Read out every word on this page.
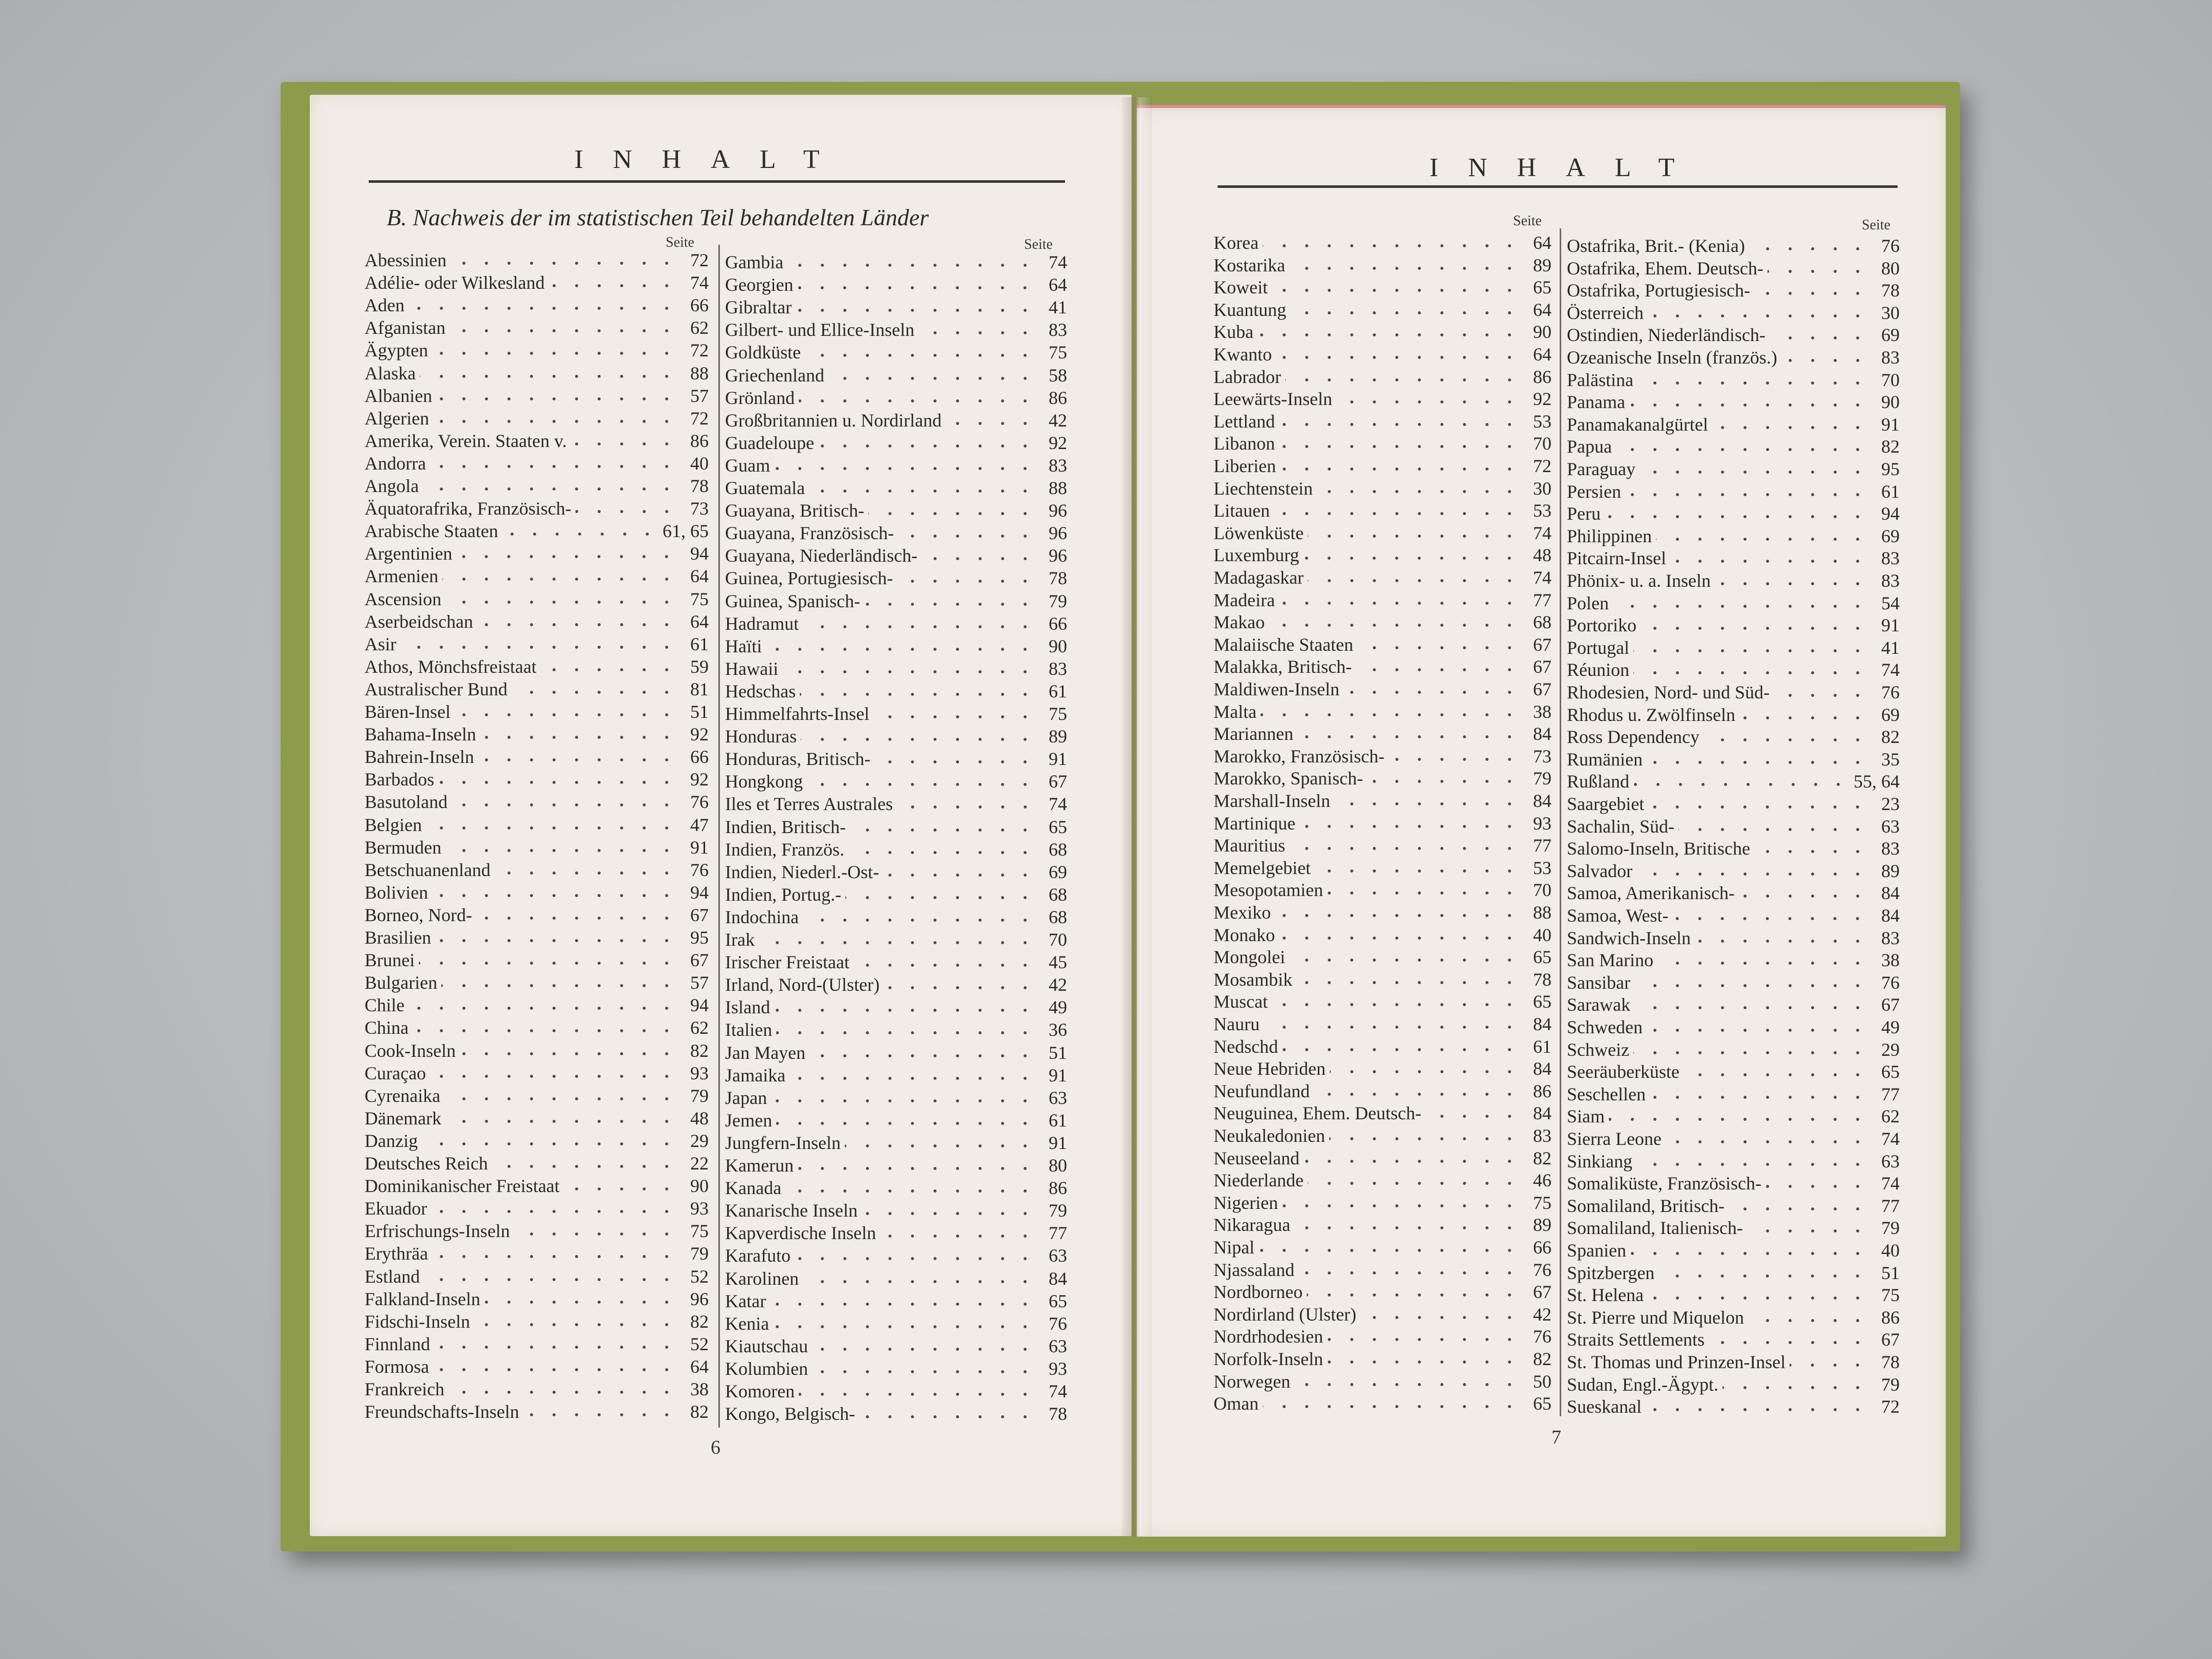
INHALT
B. Nachweis der im statistischen Teil behandelten Länder
Seite	Seite
Abessinien	72
Adélie- oder Wilkesland	74
Aden	66
Afganistan	62
Ägypten	72
Alaska	88
Albanien	57
Algerien	72
Amerika, Verein. Staaten v.	86
Andorra	40
Angola	78
Äquatorafrika, Französisch-	73
Arabische Staaten	61, 65
Argentinien	94
Armenien	64
Ascension	75
Aserbeidschan	64
Asir	61
Athos, Mönchsfreistaat	59
Australischer Bund	81
Bären-Insel	51
Bahama-Inseln	92
Bahrein-Inseln	66
Barbados	92
Basutoland	76
Belgien	47
Bermuden	91
Betschuanenland	76
Bolivien	94
Borneo, Nord-	67
Brasilien	95
Brunei	67
Bulgarien	57
Chile	94
China	62
Cook-Inseln	82
Curaçao	93
Cyrenaika	79
Dänemark	48
Danzig	29
Deutsches Reich	22
Dominikanischer Freistaat	90
Ekuador	93
Erfrischungs-Inseln	75
Erythräa	79
Estland	52
Falkland-Inseln	96
Fidschi-Inseln	82
Finnland	52
Formosa	64
Frankreich	38
Freundschafts-Inseln	82
Gambia	74
Georgien	64
Gibraltar	41
Gilbert- und Ellice-Inseln	83
Goldküste	75
Griechenland	58
Grönland	86
Großbritannien u. Nordirland	42
Guadeloupe	92
Guam	83
Guatemala	88
Guayana, Britisch-	96
Guayana, Französisch-	96
Guayana, Niederländisch-	96
Guinea, Portugiesisch-	78
Guinea, Spanisch-	79
Hadramut	66
Haïti	90
Hawaii	83
Hedschas	61
Himmelfahrts-Insel	75
Honduras	89
Honduras, Britisch-	91
Hongkong	67
Iles et Terres Australes	74
Indien, Britisch-	65
Indien, Französ.	68
Indien, Niederl.-Ost-	69
Indien, Portug.-	68
Indochina	68
Irak	70
Irischer Freistaat	45
Irland, Nord-(Ulster)	42
Island	49
Italien	36
Jan Mayen	51
Jamaika	91
Japan	63
Jemen	61
Jungfern-Inseln	91
Kamerun	80
Kanada	86
Kanarische Inseln	79
Kapverdische Inseln	77
Karafuto	63
Karolinen	84
Katar	65
Kenia	76
Kiautschau	63
Kolumbien	93
Komoren	74
Kongo, Belgisch-	78
6
INHALT
Seite	Seite
Korea	64
Kostarika	89
Koweit	65
Kuantung	64
Kuba	90
Kwanto	64
Labrador	86
Leewärts-Inseln	92
Lettland	53
Libanon	70
Liberien	72
Liechtenstein	30
Litauen	53
Löwenküste	74
Luxemburg	48
Madagaskar	74
Madeira	77
Makao	68
Malaiische Staaten	67
Malakka, Britisch-	67
Maldiwen-Inseln	67
Malta	38
Mariannen	84
Marokko, Französisch-	73
Marokko, Spanisch-	79
Marshall-Inseln	84
Martinique	93
Mauritius	77
Memelgebiet	53
Mesopotamien	70
Mexiko	88
Monako	40
Mongolei	65
Mosambik	78
Muscat	65
Nauru	84
Nedschd	61
Neue Hebriden	84
Neufundland	86
Neuguinea, Ehem. Deutsch-	84
Neukaledonien	83
Neuseeland	82
Niederlande	46
Nigerien	75
Nikaragua	89
Nipal	66
Njassaland	76
Nordborneo	67
Nordirland (Ulster)	42
Nordrhodesien	76
Norfolk-Inseln	82
Norwegen	50
Oman	65
Ostafrika, Brit.- (Kenia)	76
Ostafrika, Ehem. Deutsch-	80
Ostafrika, Portugiesisch-	78
Österreich	30
Ostindien, Niederländisch-	69
Ozeanische Inseln (französ.)	83
Palästina	70
Panama	90
Panamakanalgürtel	91
Papua	82
Paraguay	95
Persien	61
Peru	94
Philippinen	69
Pitcairn-Insel	83
Phönix- u. a. Inseln	83
Polen	54
Portoriko	91
Portugal	41
Réunion	74
Rhodesien, Nord- und Süd-	76
Rhodus u. Zwölfinseln	69
Ross Dependency	82
Rumänien	35
Rußland	55, 64
Saargebiet	23
Sachalin, Süd-	63
Salomo-Inseln, Britische	83
Salvador	89
Samoa, Amerikanisch-	84
Samoa, West-	84
Sandwich-Inseln	83
San Marino	38
Sansibar	76
Sarawak	67
Schweden	49
Schweiz	29
Seeräuberküste	65
Seschellen	77
Siam	62
Sierra Leone	74
Sinkiang	63
Somaliküste, Französisch-	74
Somaliland, Britisch-	77
Somaliland, Italienisch-	79
Spanien	40
Spitzbergen	51
St. Helena	75
St. Pierre und Miquelon	86
Straits Settlements	67
St. Thomas und Prinzen-Insel	78
Sudan, Engl.-Ägypt.	79
Sueskanal	72
7
